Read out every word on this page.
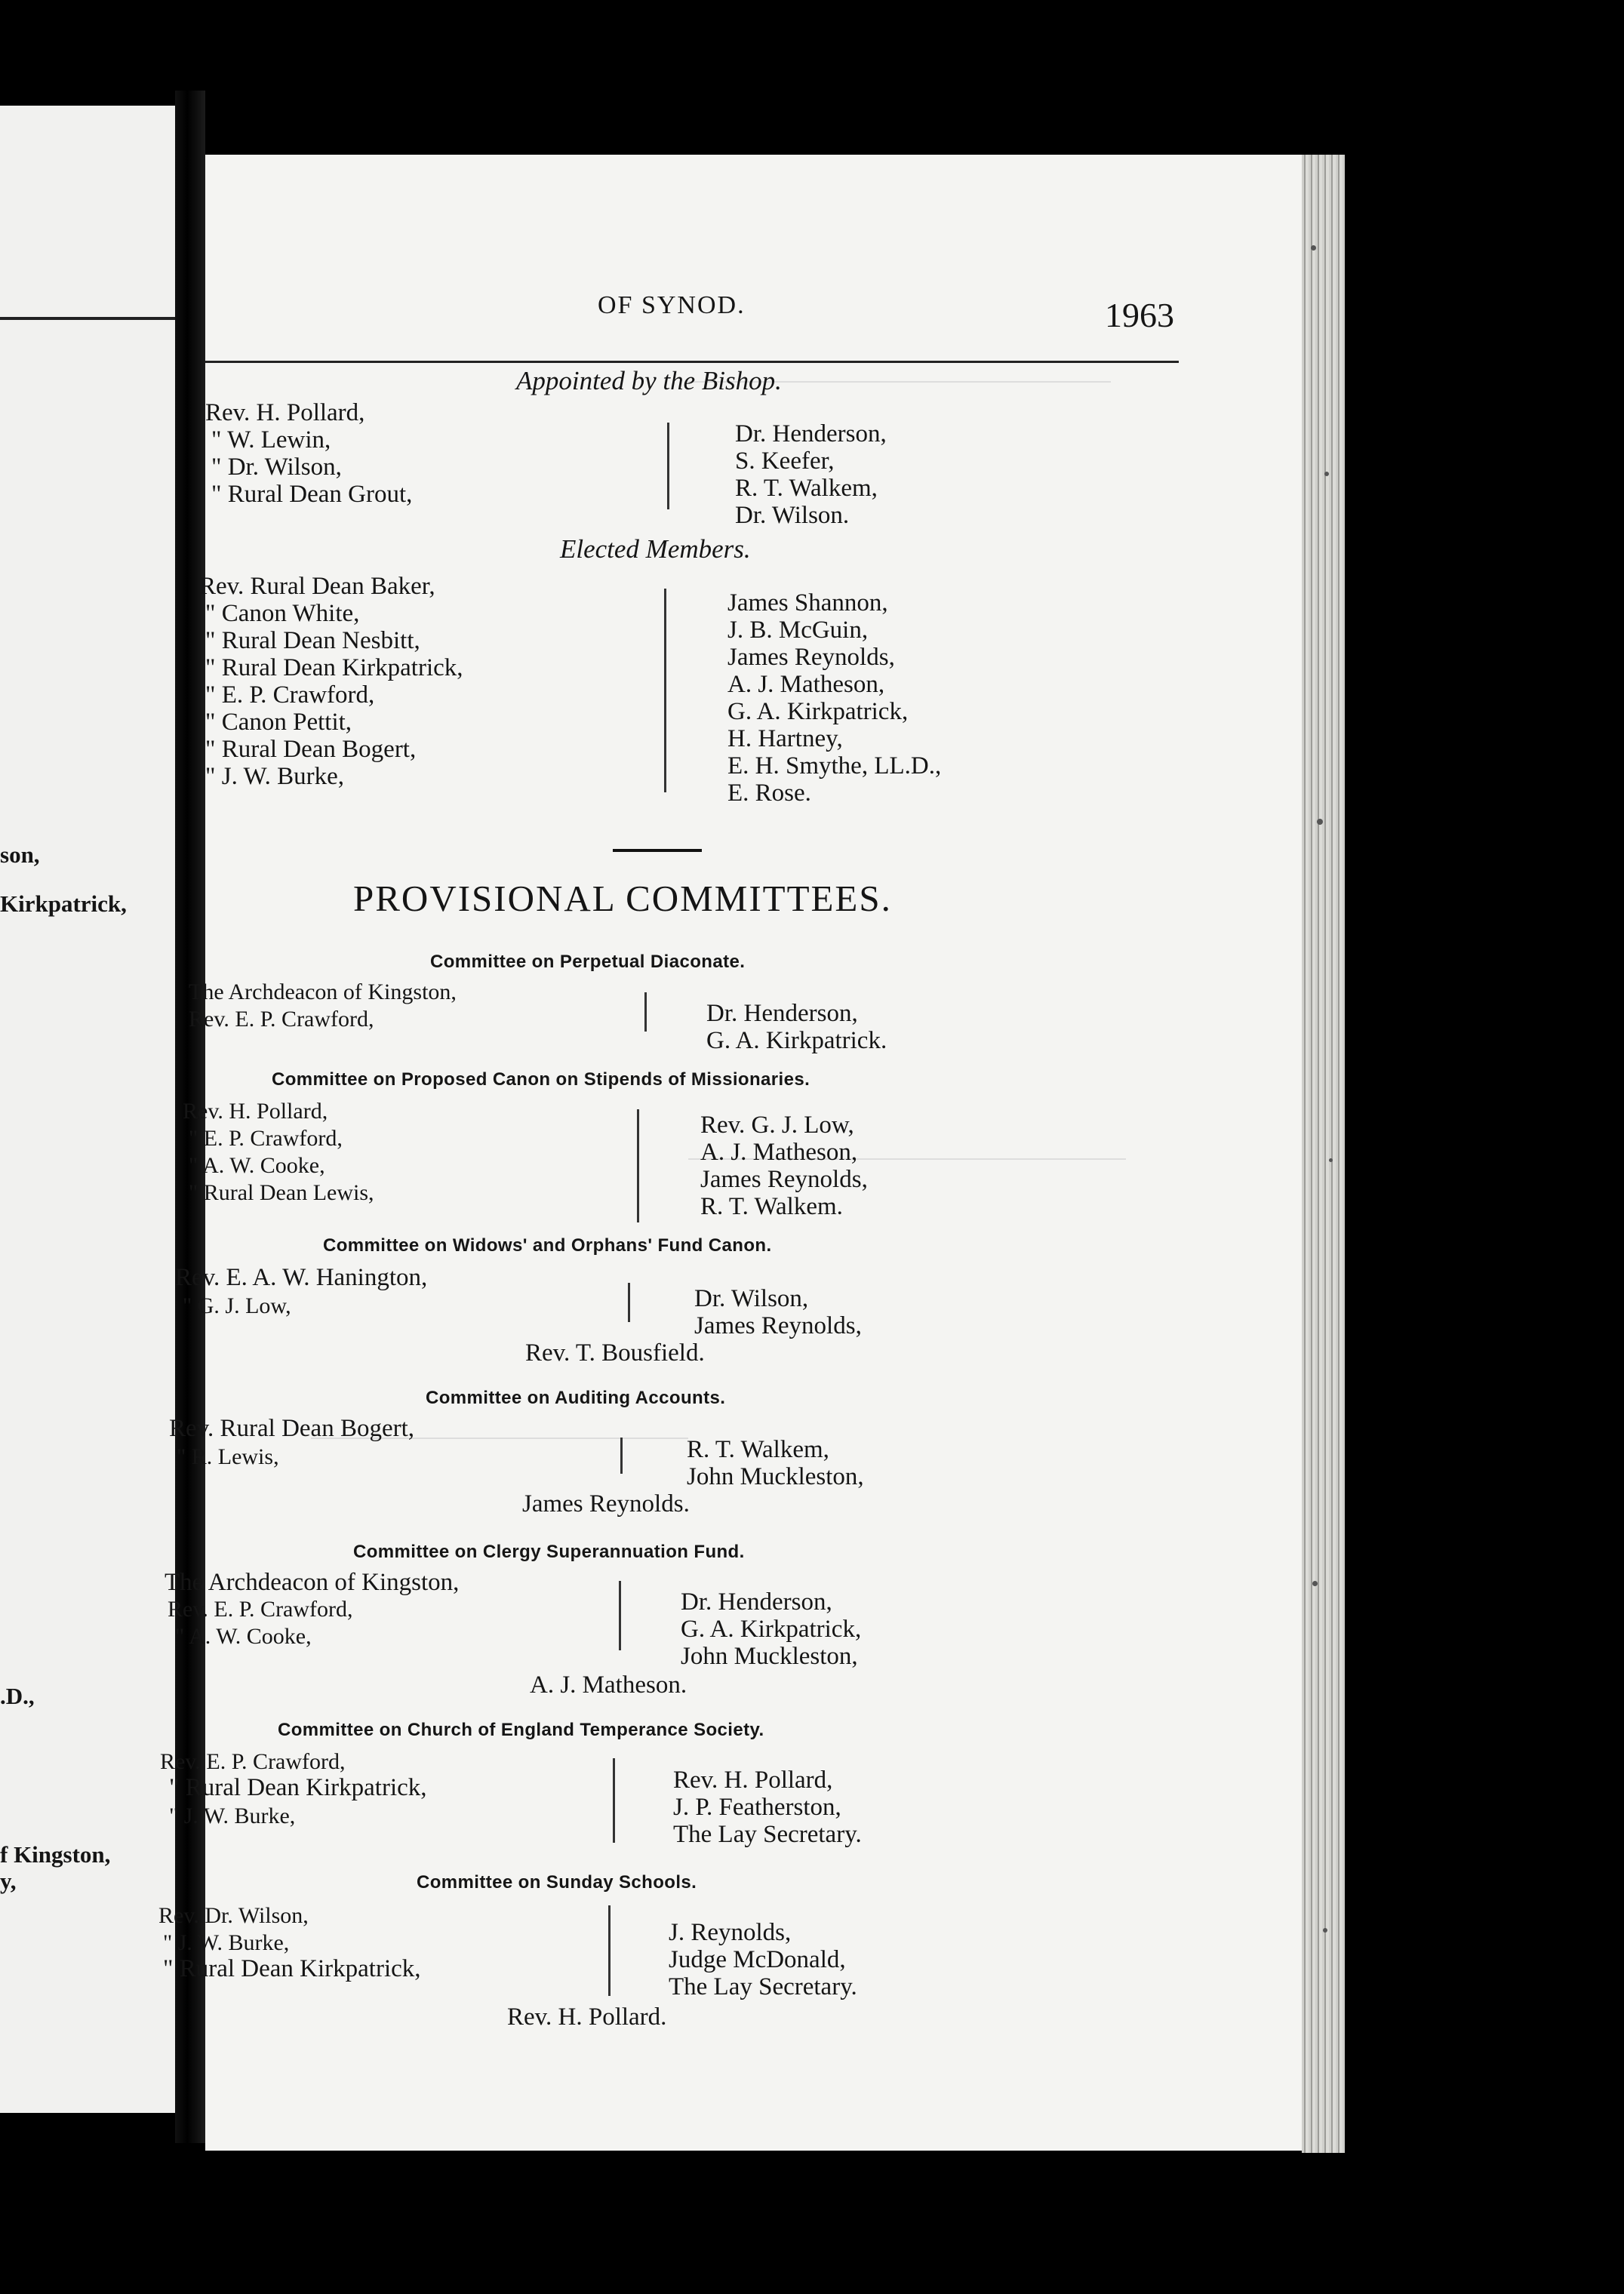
son,
Kirkpatrick,
.D.,
f Kingston,
y,
OF SYNOD.	1963
Appointed by the Bishop.
Rev. H. Pollard,
" W. Lewin,
" Dr. Wilson,
" Rural Dean Grout,
Dr. Henderson,
S. Keefer,
R. T. Walkem,
Dr. Wilson.
Elected Members.
Rev. Rural Dean Baker,
" Canon White,
" Rural Dean Nesbitt,
" Rural Dean Kirkpatrick,
" E. P. Crawford,
" Canon Pettit,
" Rural Dean Bogert,
" J. W. Burke,
James Shannon,
J. B. McGuin,
James Reynolds,
A. J. Matheson,
G. A. Kirkpatrick,
H. Hartney,
E. H. Smythe, LL.D.,
E. Rose.
PROVISIONAL COMMITTEES.
Committee on Perpetual Diaconate.
The Archdeacon of Kingston,
Rev. E. P. Crawford,	Dr. Henderson,
G. A. Kirkpatrick.
Committee on Proposed Canon on Stipends of Missionaries.
Rev. H. Pollard,
" E. P. Crawford,
" A. W. Cooke,
" Rural Dean Lewis,
Rev. G. J. Low,
A. J. Matheson,
James Reynolds,
R. T. Walkem.
Committee on Widows' and Orphans' Fund Canon.
Rev. E. A. W. Hanington,
" G. J. Low,	Dr. Wilson,
James Reynolds,
Rev. T. Bousfield.
Committee on Auditing Accounts.
Rev. Rural Dean Bogert,
" R. Lewis,	R. T. Walkem,
John Muckleston,
James Reynolds.
Committee on Clergy Superannuation Fund.
The Archdeacon of Kingston,
Rev. E. P. Crawford,
" A. W. Cooke,
Dr. Henderson,
G. A. Kirkpatrick,
John Muckleston,
A. J. Matheson.
Committee on Church of England Temperance Society.
Rev. E. P. Crawford,
" Rural Dean Kirkpatrick,
" J. W. Burke,
Rev. H. Pollard,
J. P. Featherston,
The Lay Secretary.
Committee on Sunday Schools.
Rev. Dr. Wilson,
" J. W. Burke,
" Rural Dean Kirkpatrick,
J. Reynolds,
Judge McDonald,
The Lay Secretary.
Rev. H. Pollard.
